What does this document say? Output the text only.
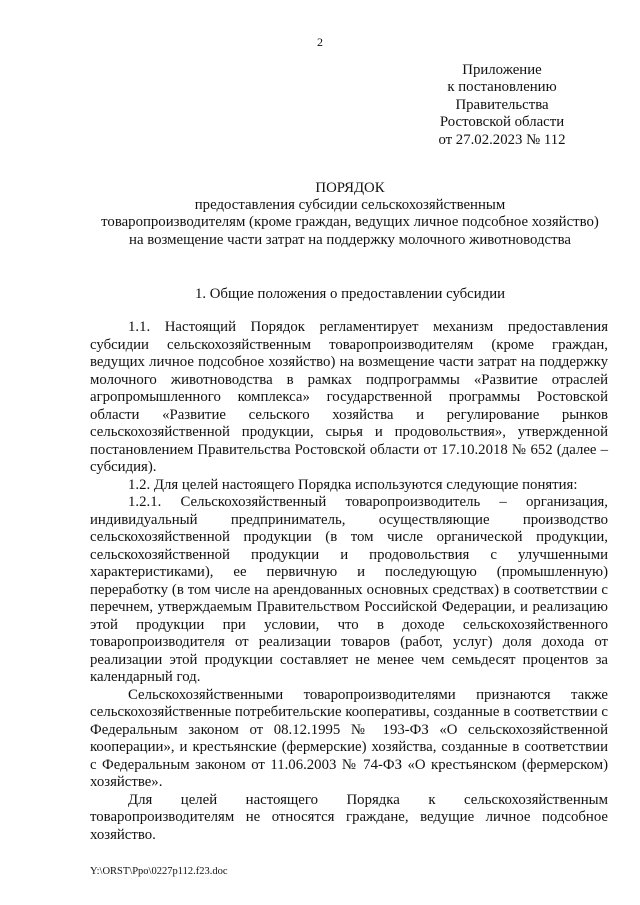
2
Приложение
к постановлению
Правительства
Ростовской области
от 27.02.2023 № 112
ПОРЯДОК
предоставления субсидии сельскохозяйственным
товаропроизводителям (кроме граждан, ведущих личное подсобное хозяйство)
на возмещение части затрат на поддержку молочного животноводства
1. Общие положения о предоставлении субсидии

1.1. Настоящий Порядок регламентирует механизм предоставления субсидии сельскохозяйственным товаропроизводителям (кроме граждан, ведущих личное подсобное хозяйство) на возмещение части затрат на поддержку молочного животноводства в рамках подпрограммы «Развитие отраслей агропромышленного комплекса» государственной программы Ростовской области «Развитие сельского хозяйства и регулирование рынков сельскохозяйственной продукции, сырья и продовольствия», утвержденной постановлением Правительства Ростовской области от 17.10.2018 № 652 (далее – субсидия).

1.2. Для целей настоящего Порядка используются следующие понятия:

1.2.1. Сельскохозяйственный товаропроизводитель – организация, индивидуальный предприниматель, осуществляющие производство сельскохозяйственной продукции (в том числе органической продукции, сельскохозяйственной продукции и продовольствия с улучшенными характеристиками), ее первичную и последующую (промышленную) переработку (в том числе на арендованных основных средствах) в соответствии с перечнем, утверждаемым Правительством Российской Федерации, и реализацию этой продукции при условии, что в доходе сельскохозяйственного товаропроизводителя от реализации товаров (работ, услуг) доля дохода от реализации этой продукции составляет не менее чем семьдесят процентов за календарный год.

Сельскохозяйственными товаропроизводителями признаются также сельскохозяйственные потребительские кооперативы, созданные в соответствии с Федеральным законом от 08.12.1995 № 193-ФЗ «О сельскохозяйственной кооперации», и крестьянские (фермерские) хозяйства, созданные в соответствии с Федеральным законом от 11.06.2003 № 74-ФЗ «О крестьянском (фермерском) хозяйстве».

Для целей настоящего Порядка к сельскохозяйственным товаропроизводителям не относятся граждане, ведущие личное подсобное хозяйство.

Y:\ORST\Ppo\0227p112.f23.doc
